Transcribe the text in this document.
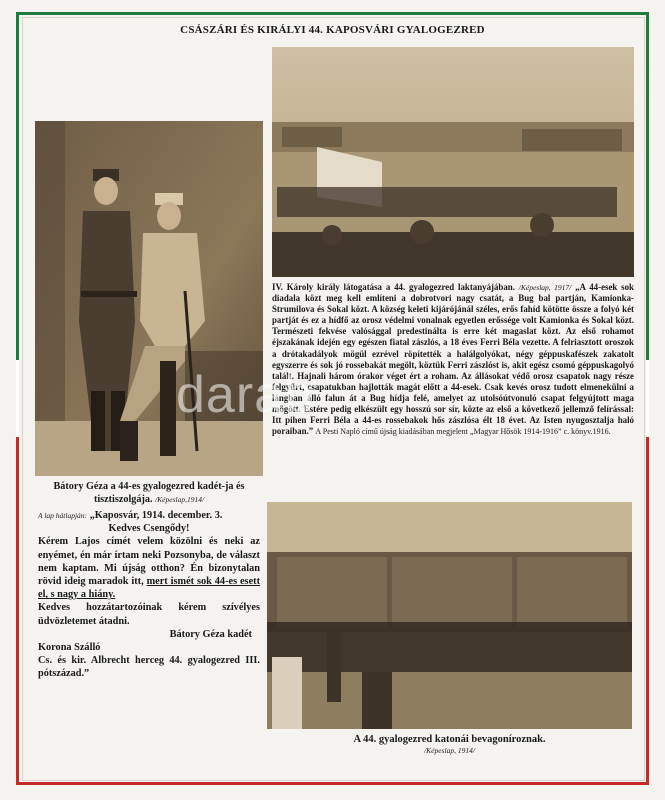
CSÁSZÁRI ÉS KIRÁLYI 44. KAPOSVÁRI GYALOGEZRED
Bátory Géza a 44-es gyalogezred kadét-ja és tisztiszolgája. /Képeslap,1914/
A lap hátlapján: „Kaposvár, 1914. december. 3.
Kedves Csengődy!
Kérem Lajos címét velem közölni és neki az enyémet, én már írtam neki Pozsonyba, de választ nem kaptam. Mi újság otthon? Én bizonytalan rövid ideig maradok itt, mert ismét sok 44-es esett el, s nagy a hiány.
Kedves hozzátartozóinak kérem szívélyes üdvözletemet átadni.
Bátory Géza kadét
Korona Szálló
Cs. és kir. Albrecht herceg 44. gyalogezred III. pótszázad.”
IV. Károly király látogatása a 44. gyalogezred laktanyájában. /Képeslap, 1917/ „A 44-esek sok diadala közt meg kell említeni a dobrotvori nagy csatát, a Bug bal partján, Kamionka-Strumilova és Sokal közt. A község keleti kijárójánál széles, erős fahíd kötötte össze a folyó két partját és ez a hídfő az orosz védelmi vonalnak egyetlen erőssége volt Kamionka és Sokal közt. Természeti fekvése valósággal predestinálta is erre két magaslat közt. Az első rohamot éjszakának idején egy egészen fiatal zászlós, a 18 éves Ferri Béla vezette. A felriasztott oroszok a drótakadályok mögül ezrével röpítették a halálgolyókat, négy géppuskafészek zakatolt egyszerre és sok jó rossebakát megölt, köztük Ferri zászlóst is, akit egész csomó géppuskagolyó talált. Hajnali három órakor véget ért a roham. Az állásokat védő orosz csapatok nagy része felgyűrt, csapatukban hajlották magát előtt a 44-esek. Csak kevés orosz tudott elmenekülni a lángban álló falun át a Bug hídja felé, amelyet az utolsóútvonuló csapat felgyújtott maga mögött. Estére pedig elkészült egy hosszú sor sír, közte az első a következő jellemző felírással: Itt pihen Ferri Béla a 44-es rossebakok hős zászlósa élt 18 évet. Az Isten nyugosztalja haló poraiban.” A Pesti Napló című újság kiadásában megjelent „Magyar Hősök 1914-1916” c. könyv.1916.
A 44. gyalogezred katonái bevagoníroznak.
/Képeslap, 1914/
darab
